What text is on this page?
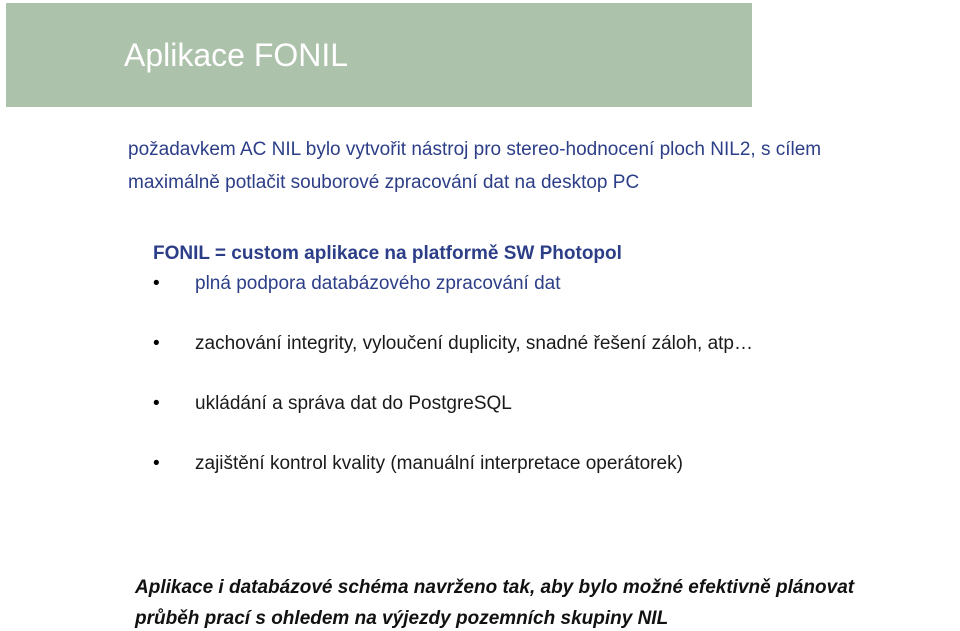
Aplikace FONIL
požadavkem AC NIL bylo vytvořit nástroj pro stereo-hodnocení ploch NIL2, s cílem
maximálně potlačit souborové zpracování dat na desktop PC
FONIL = custom aplikace na platformě SW Photopol
•	plná podpora databázového zpracování dat
•	zachování integrity, vyloučení duplicity, snadné řešení záloh, atp…
•	ukládání a správa dat do PostgreSQL
•	zajištění kontrol kvality (manuální interpretace operátorek)
Aplikace i databázové schéma navrženo tak, aby bylo možné efektivně plánovat
průběh prací s ohledem na výjezdy pozemních skupiny NIL
